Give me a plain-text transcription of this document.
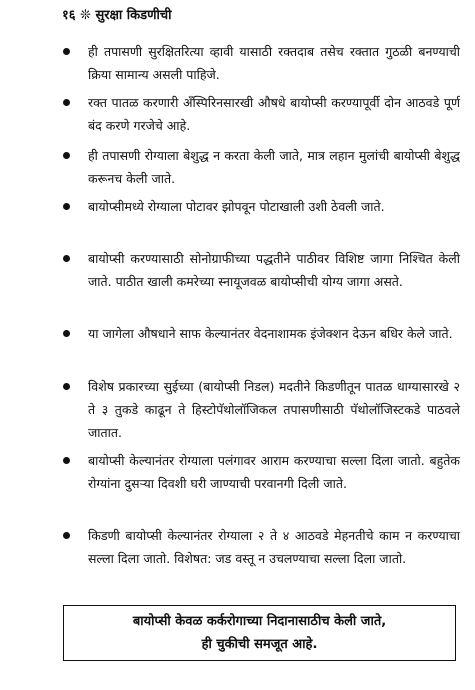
१६ ❊ सुरक्षा किडणीची
ही तपासणी सुरक्षितरित्या व्हावी यासाठी रक्तदाब तसेच रक्तात गुठळी बनण्याची क्रिया सामान्य असली पाहिजे.
रक्त पातळ करणारी अँस्पिरिनसारखी औषधे बायोप्सी करण्यापूर्वी दोन आठवडे पूर्ण बंद करणे गरजेचे आहे.
ही तपासणी रोग्याला बेशुद्ध न करता केली जाते, मात्र लहान मुलांची बायोप्सी बेशुद्ध करूनच केली जाते.
बायोप्सीमध्ये रोग्याला पोटावर झोपवून पोटाखाली उशी ठेवली जाते.
बायोप्सी करण्यासाठी सोनोग्राफीच्या पद्धतीने पाठीवर विशिष्ट जागा निश्चित केली जाते. पाठीत खाली कमरेच्या स्नायूजवळ बायोप्सीची योग्य जागा असते.
या जागेला औषधाने साफ केल्यानंतर वेदनाशामक इंजेक्शन देऊन बधिर केले जाते.
विशेष प्रकारच्या सुईच्या (बायोप्सी निडल) मदतीने किडणीतून पातळ धाग्यासारखे २ ते ३ तुकडे काढून ते हिस्टोपॅथोलॉजिकल तपासणीसाठी पॅथोलॉजिस्टकडे पाठवले जातात.
बायोप्सी केल्यानंतर रोग्याला पलंगावर आराम करण्याचा सल्ला दिला जातो. बहुतेक रोग्यांना दुसऱ्या दिवशी घरी जाण्याची परवानगी दिली जाते.
किडणी बायोप्सी केल्यानंतर रोग्याला २ ते ४ आठवडे मेहनतीचे काम न करण्याचा सल्ला दिला जातो. विशेषत: जड वस्तू न उचलण्याचा सल्ला दिला जातो.
बायोप्सी केवळ कर्करोगाच्या निदानासाठीच केली जाते,
ही चुकीची समजूत आहे.
